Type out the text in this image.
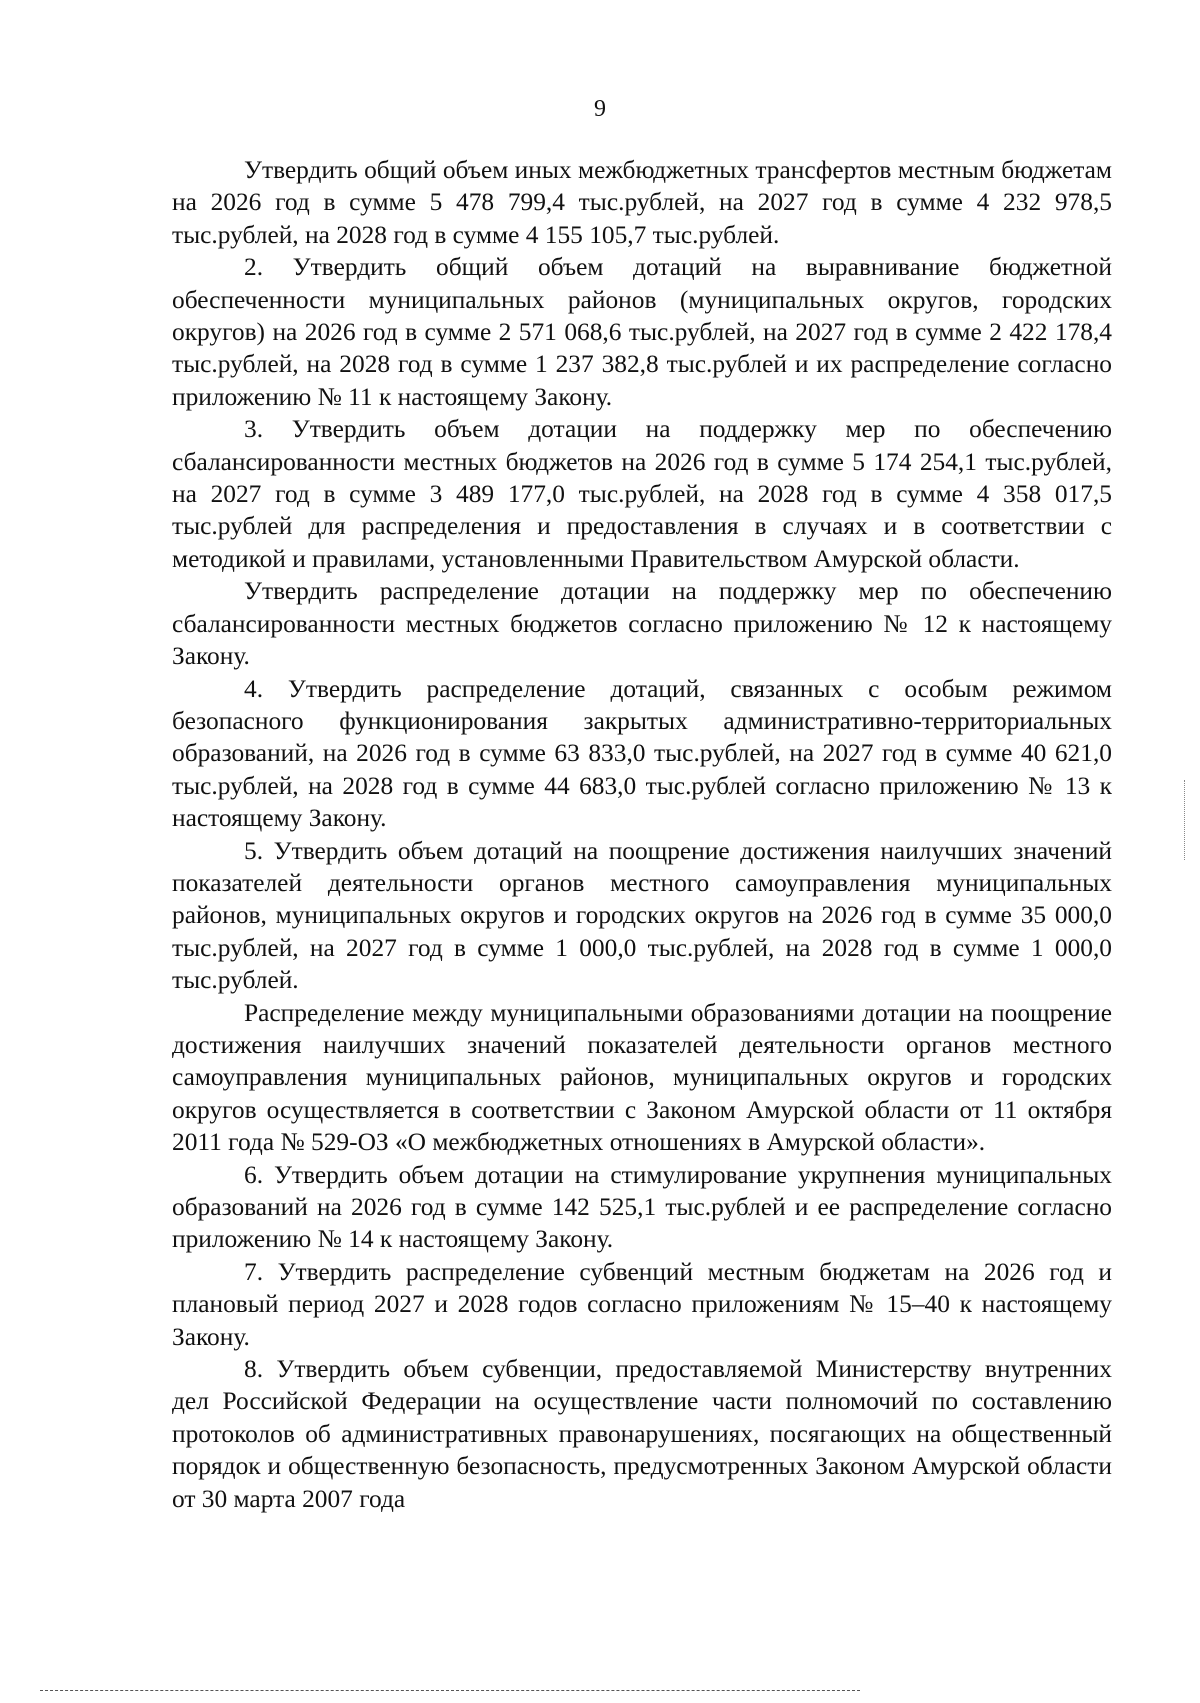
9

Утвердить общий объем иных межбюджетных трансфертов местным бюджетам на 2026 год в сумме 5 478 799,4 тыс.рублей, на 2027 год в сумме 4 232 978,5 тыс.рублей, на 2028 год в сумме 4 155 105,7 тыс.рублей.

2. Утвердить общий объем дотаций на выравнивание бюджетной обеспеченности муниципальных районов (муниципальных округов, городских округов) на 2026 год в сумме 2 571 068,6 тыс.рублей, на 2027 год в сумме 2 422 178,4 тыс.рублей, на 2028 год в сумме 1 237 382,8 тыс.рублей и их распределение согласно приложению № 11 к настоящему Закону.

3. Утвердить объем дотации на поддержку мер по обеспечению сбалансированности местных бюджетов на 2026 год в сумме 5 174 254,1 тыс.рублей, на 2027 год в сумме 3 489 177,0 тыс.рублей, на 2028 год в сумме 4 358 017,5 тыс.рублей для распределения и предоставления в случаях и в соответствии с методикой и правилами, установленными Правительством Амурской области.

Утвердить распределение дотации на поддержку мер по обеспечению сбалансированности местных бюджетов согласно приложению № 12 к настоящему Закону.

4. Утвердить распределение дотаций, связанных с особым режимом безопасного функционирования закрытых административно-территориальных образований, на 2026 год в сумме 63 833,0 тыс.рублей, на 2027 год в сумме 40 621,0 тыс.рублей, на 2028 год в сумме 44 683,0 тыс.рублей согласно приложению № 13 к настоящему Закону.

5. Утвердить объем дотаций на поощрение достижения наилучших значений показателей деятельности органов местного самоуправления муниципальных районов, муниципальных округов и городских округов на 2026 год в сумме 35 000,0 тыс.рублей, на 2027 год в сумме 1 000,0 тыс.рублей, на 2028 год в сумме 1 000,0 тыс.рублей.

Распределение между муниципальными образованиями дотации на поощрение достижения наилучших значений показателей деятельности органов местного самоуправления муниципальных районов, муниципальных округов и городских округов осуществляется в соответствии с Законом Амурской области от 11 октября 2011 года № 529-ОЗ «О межбюджетных отношениях в Амурской области».

6. Утвердить объем дотации на стимулирование укрупнения муниципальных образований на 2026 год в сумме 142 525,1 тыс.рублей и ее распределение согласно приложению № 14 к настоящему Закону.

7. Утвердить распределение субвенций местным бюджетам на 2026 год и плановый период 2027 и 2028 годов согласно приложениям № 15–40 к настоящему Закону.

8. Утвердить объем субвенции, предоставляемой Министерству внутренних дел Российской Федерации на осуществление части полномочий по составлению протоколов об административных правонарушениях, посягающих на общественный порядок и общественную безопасность, предусмотренных Законом Амурской области от 30 марта 2007 года
